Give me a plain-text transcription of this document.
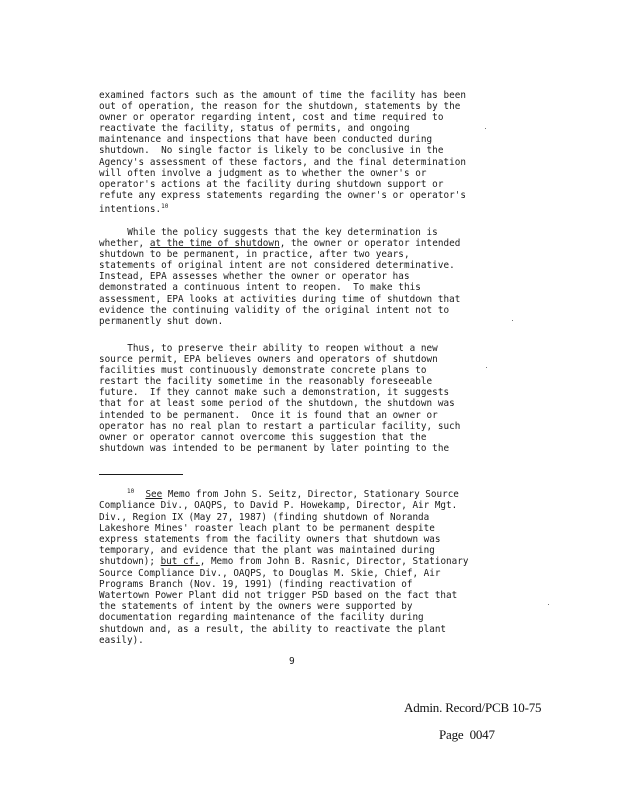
examined factors such as the amount of time the facility has been
out of operation, the reason for the shutdown, statements by the
owner or operator regarding intent, cost and time required to
reactivate the facility, status of permits, and ongoing
maintenance and inspections that have been conducted during
shutdown.  No single factor is likely to be conclusive in the
Agency's assessment of these factors, and the final determination
will often involve a judgment as to whether the owner's or
operator's actions at the facility during shutdown support or
refute any express statements regarding the owner's or operator's
intentions.$^{10}$

While the policy suggests that the key determination is
whether, at the time of shutdown, the owner or operator intended
shutdown to be permanent, in practice, after two years,
statements of original intent are not considered determinative.
Instead, EPA assesses whether the owner or operator has
demonstrated a continuous intent to reopen.  To make this
assessment, EPA looks at activities during time of shutdown that
evidence the continuing validity of the original intent not to
permanently shut down.

Thus, to preserve their ability to reopen without a new
source permit, EPA believes owners and operators of shutdown
facilities must continuously demonstrate concrete plans to
restart the facility sometime in the reasonably foreseeable
future.  If they cannot make such a demonstration, it suggests
that for at least some period of the shutdown, the shutdown was
intended to be permanent.  Once it is found that an owner or
operator has no real plan to restart a particular facility, such
owner or operator cannot overcome this suggestion that the
shutdown was intended to be permanent by later pointing to the

$^{10}$ See Memo from John S. Seitz, Director, Stationary Source
Compliance Div., OAQPS, to David P. Howekamp, Director, Air Mgt.
Div., Region IX (May 27, 1987) (finding shutdown of Noranda
Lakeshore Mines' roaster leach plant to be permanent despite
express statements from the facility owners that shutdown was
temporary, and evidence that the plant was maintained during
shutdown); but cf., Memo from John B. Rasnic, Director, Stationary
Source Compliance Div., OAQPS, to Douglas M. Skie, Chief, Air
Programs Branch (Nov. 19, 1991) (finding reactivation of
Watertown Power Plant did not trigger PSD based on the fact that
the statements of intent by the owners were supported by
documentation regarding maintenance of the facility during
shutdown and, as a result, the ability to reactivate the plant
easily).

9
Admin. Record/PCB 10-75
Page  0047
